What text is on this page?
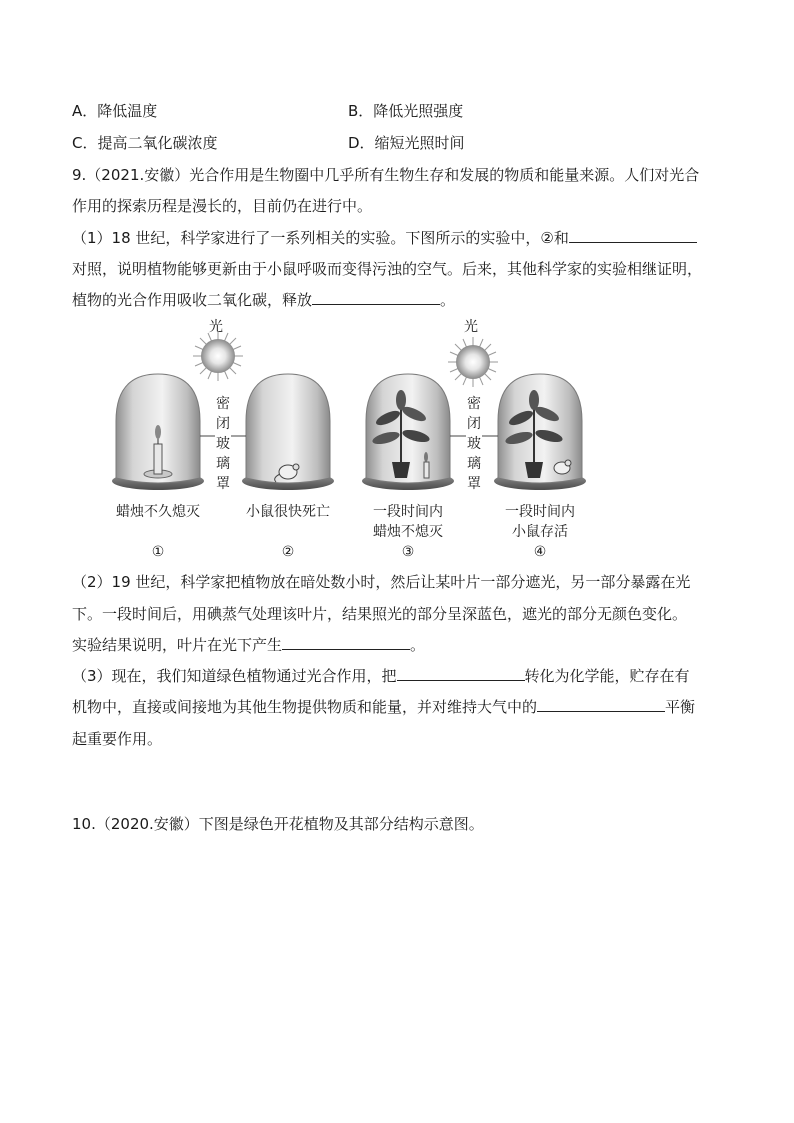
A．降低温度	B．降低光照强度
C．提高二氧化碳浓度	D．缩短光照时间
9.（2021.安徽）光合作用是生物圈中几乎所有生物生存和发展的物质和能量来源。人们对光合
作用的探索历程是漫长的，目前仍在进行中。
（1）18 世纪，科学家进行了一系列相关的实验。下图所示的实验中，②和
对照，说明植物能够更新由于小鼠呼吸而变得污浊的空气。后来，其他科学家的实验相继证明，
植物的光合作用吸收二氧化碳，释放	。
光	光
密
闭
玻
璃
罩
密
闭
玻
璃
罩
蜡烛不久熄灭
①
小鼠很快死亡
②
一段时间内
蜡烛不熄灭
③
一段时间内
小鼠存活
④
（2）19 世纪，科学家把植物放在暗处数小时，然后让某叶片一部分遮光，另一部分暴露在光
下。一段时间后，用碘蒸气处理该叶片，结果照光的部分呈深蓝色，遮光的部分无颜色变化。
实验结果说明，叶片在光下产生	。
（3）现在，我们知道绿色植物通过光合作用，把	转化为化学能，贮存在有
机物中，直接或间接地为其他生物提供物质和能量，并对维持大气中的	平衡
起重要作用。
10.（2020.安徽）下图是绿色开花植物及其部分结构示意图。
